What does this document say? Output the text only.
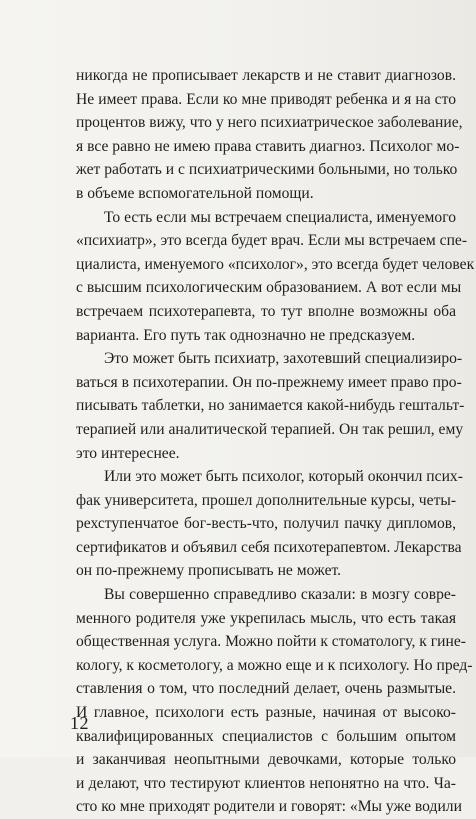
никогда не прописывает лекарств и не ставит диагнозов.
Не имеет права. Если ко мне приводят ребенка и я на сто
процентов вижу, что у него психиатрическое заболевание,
я все равно не имею права ставить диагноз. Психолог мо-
жет работать и с психиатрическими больными, но только
в объеме вспомогательной помощи.
То есть если мы встречаем специалиста, именуемого
«психиатр», это всегда будет врач. Если мы встречаем спе-
циалиста, именуемого «психолог», это всегда будет человек
с высшим психологическим образованием. А вот если мы
встречаем психотерапевта, то тут вполне возможны оба
варианта. Его путь так однозначно не предсказуем.
Это может быть психиатр, захотевший специализиро-
ваться в психотерапии. Он по-прежнему имеет право про-
писывать таблетки, но занимается какой-нибудь гештальт-
терапией или аналитической терапией. Он так решил, ему
это интереснее.
Или это может быть психолог, который окончил псих-
фак университета, прошел дополнительные курсы, четы-
рехступенчатое бог-весть-что, получил пачку дипломов,
сертификатов и объявил себя психотерапевтом. Лекарства
он по-прежнему прописывать не может.
Вы совершенно справедливо сказали: в мозгу совре-
менного родителя уже укрепилась мысль, что есть такая
общественная услуга. Можно пойти к стоматологу, к гине-
кологу, к косметологу, а можно еще и к психологу. Но пред-
ставления о том, что последний делает, очень размытые.
И главное, психологи есть разные, начиная от высоко-
квалифицированных специалистов с большим опытом
и заканчивая неопытными девочками, которые только
и делают, что тестируют клиентов непонятно на что. Ча-
сто ко мне приходят родители и говорят: «Мы уже водили
12
